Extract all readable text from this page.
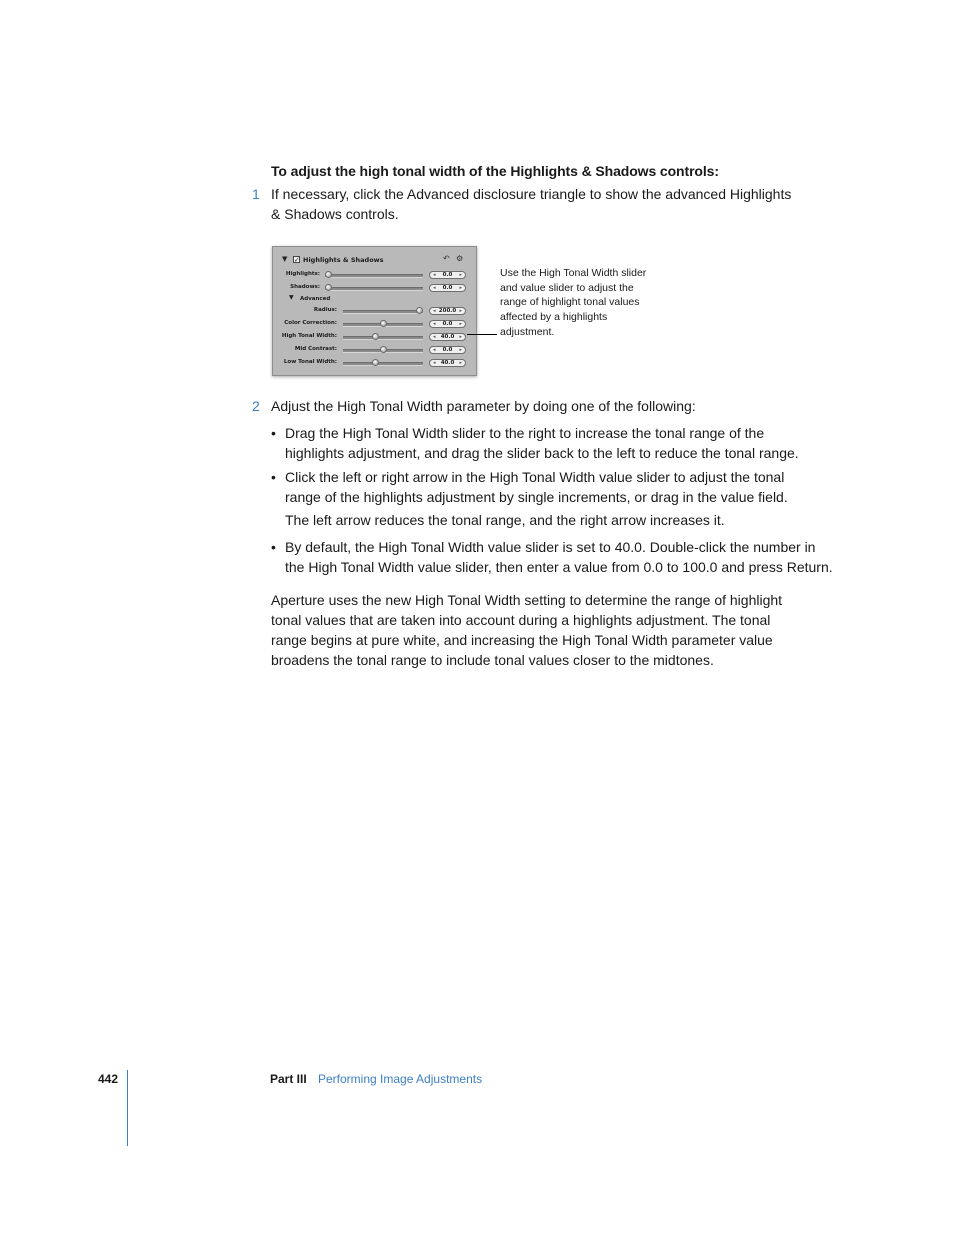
To adjust the high tonal width of the Highlights & Shadows controls:
1 If necessary, click the Advanced disclosure triangle to show the advanced Highlights
& Shadows controls.
▼ ✓ Highlights & Shadows	↶ ⚙
▼ Advanced
Highlights:	◂ 0.0 ▸
Shadows:	◂ 0.0 ▸
Radius:	◂ 200.0 ▸
Color Correction:	◂ 0.0 ▸
High Tonal Width:	◂ 40.0 ▸
Mid Contrast:	◂ 0.0 ▸
Low Tonal Width:	◂ 40.0 ▸
Use the High Tonal Width slider
and value slider to adjust the
range of highlight tonal values
affected by a highlights
adjustment.
2 Adjust the High Tonal Width parameter by doing one of the following:
• Drag the High Tonal Width slider to the right to increase the tonal range of the
highlights adjustment, and drag the slider back to the left to reduce the tonal range.
• Click the left or right arrow in the High Tonal Width value slider to adjust the tonal
range of the highlights adjustment by single increments, or drag in the value field.
The left arrow reduces the tonal range, and the right arrow increases it.
• By default, the High Tonal Width value slider is set to 40.0. Double-click the number in
the High Tonal Width value slider, then enter a value from 0.0 to 100.0 and press Return.
Aperture uses the new High Tonal Width setting to determine the range of highlight
tonal values that are taken into account during a highlights adjustment. The tonal
range begins at pure white, and increasing the High Tonal Width parameter value
broadens the tonal range to include tonal values closer to the midtones.
442	Part III Performing Image Adjustments
